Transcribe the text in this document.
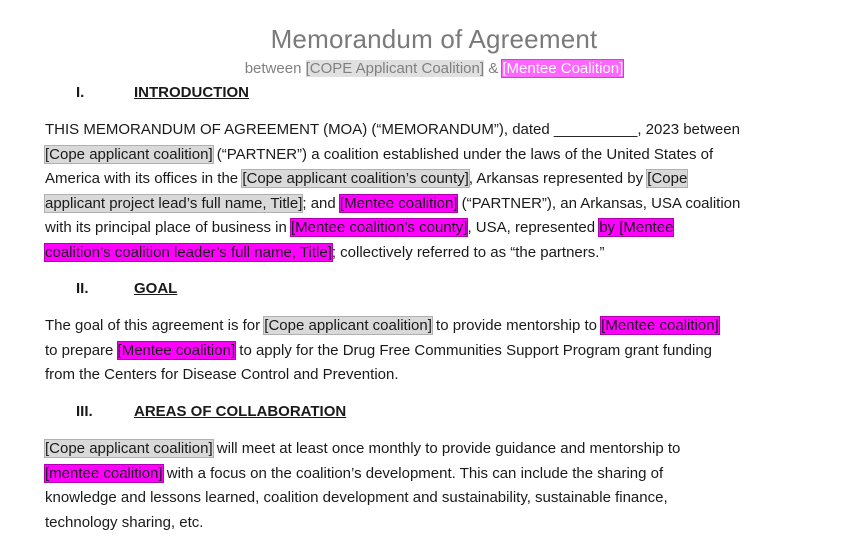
Memorandum of Agreement
between [COPE Applicant Coalition] & [Mentee Coalition]
I.	INTRODUCTION
THIS MEMORANDUM OF AGREEMENT (MOA) (“MEMORANDUM”), dated __________, 2023 between
[Cope applicant coalition] (“PARTNER”) a coalition established under the laws of the United States of
America with its offices in the [Cope applicant coalition’s county], Arkansas represented by [Cope
applicant project lead’s full name, Title]; and [Mentee coalition] (“PARTNER”), an Arkansas, USA coalition
with its principal place of business in [Mentee coalition’s county], USA, represented by [Mentee
coalition’s coalition leader’s full name, Title]; collectively referred to as “the partners.”
II.	GOAL
The goal of this agreement is for [Cope applicant coalition] to provide mentorship to [Mentee coalition]
to prepare [Mentee coalition] to apply for the Drug Free Communities Support Program grant funding
from the Centers for Disease Control and Prevention.
III.	AREAS OF COLLABORATION
[Cope applicant coalition] will meet at least once monthly to provide guidance and mentorship to
[mentee coalition] with a focus on the coalition’s development. This can include the sharing of
knowledge and lessons learned, coalition development and sustainability, sustainable finance,
technology sharing, etc.
